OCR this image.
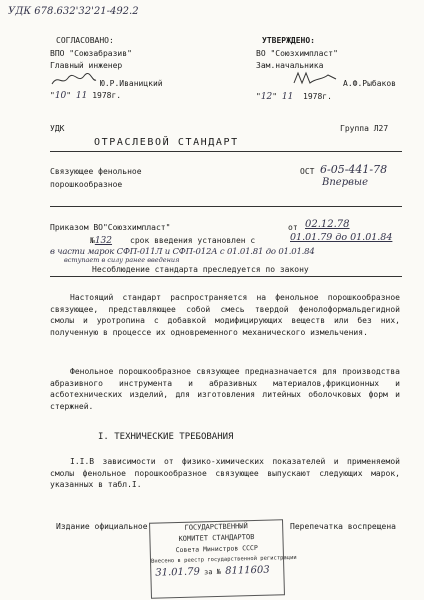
УДК 678.632'32'21-492.2
СОГЛАСОВАНО:
ВПО "Союзабразив"
Главный инженер
Ю.Р.Иваницкий
"10" 11 1978г.
УТВЕРЖДЕНО:
ВО "Союзхимпласт"
Зам.начальника
А.Ф.Рыбаков
"12" 11 1978г.
УДК	Группа Л27
ОТРАСЛЕВОЙ СТАНДАРТ
Связующее фенольное
порошкообразное
ОСТ 6-05-441-78
Впервые
Приказом ВО"Союзхимпласт"	от 02.12.78
№132 срок введения установлен с	01.01.79 до 01.01.84
в части марок СФП-011Л и СФП-012А с 01.01.81 до 01.01.84
вступает в силу ранее введения
Несоблюдение стандарта преследуется по закону
Настоящий стандарт распространяется на фенольное порошкообразное связующее, представляющее собой смесь твердой фенолоформальдегидной смолы и уротропина с добавкой модифицирующих веществ или без них, полученную в процессе их одновременного механического измельчения.
Фенольное порошкообразное связующее предназначается для производства абразивного инструмента и абразивных материалов,фрикционных и асботехнических изделий, для изготовления литейных оболочковых форм и стержней.
I. ТЕХНИЧЕСКИЕ ТРЕБОВАНИЯ
I.I.В зависимости от физико-химических показателей и применяемой смолы фенольное порошкообразное связующее выпускают следующих марок, указанных в табл.I.
Издание официальное	Перепечатка воспрещена
ГОСУДАРСТВЕННЫЙ
КОМИТЕТ СТАНДАРТОВ
Совета Министров СССР
Внесено в реестр государственной регистрации
31.01.79 за № 8111603
